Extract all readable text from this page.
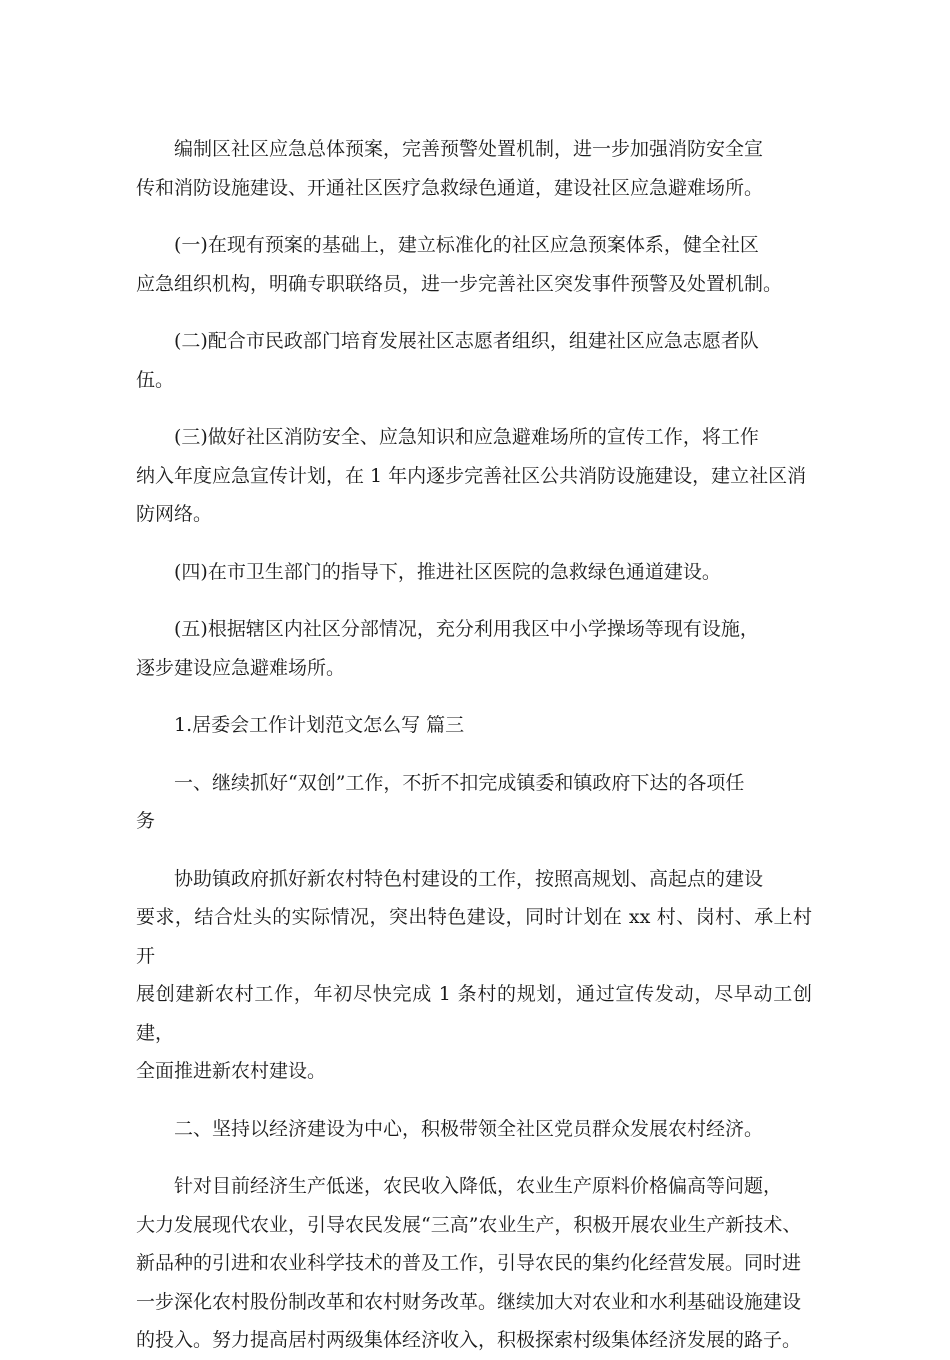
编制区社区应急总体预案，完善预警处置机制，进一步加强消防安全宣
传和消防设施建设、开通社区医疗急救绿色通道，建设社区应急避难场所。

(一)在现有预案的基础上，建立标准化的社区应急预案体系，健全社区
应急组织机构，明确专职联络员，进一步完善社区突发事件预警及处置机制。

(二)配合市民政部门培育发展社区志愿者组织，组建社区应急志愿者队
伍。

(三)做好社区消防安全、应急知识和应急避难场所的宣传工作，将工作
纳入年度应急宣传计划，在 1 年内逐步完善社区公共消防设施建设，建立社区消
防网络。

(四)在市卫生部门的指导下，推进社区医院的急救绿色通道建设。

(五)根据辖区内社区分部情况，充分利用我区中小学操场等现有设施，
逐步建设应急避难场所。

1.居委会工作计划范文怎么写 篇三

一、继续抓好“双创”工作，不折不扣完成镇委和镇政府下达的各项任
务

协助镇政府抓好新农村特色村建设的工作，按照高规划、高起点的建设
要求，结合灶头的实际情况，突出特色建设，同时计划在 xx 村、岗村、承上村开
展创建新农村工作，年初尽快完成 1 条村的规划，通过宣传发动，尽早动工创建，
全面推进新农村建设。

二、坚持以经济建设为中心，积极带领全社区党员群众发展农村经济。

针对目前经济生产低迷，农民收入降低，农业生产原料价格偏高等问题，
大力发展现代农业，引导农民发展“三高”农业生产，积极开展农业生产新技术、
新品种的引进和农业科学技术的普及工作，引导农民的集约化经营发展。同时进
一步深化农村股份制改革和农村财务改革。继续加大对农业和水利基础设施建设
的投入。努力提高居村两级集体经济收入，积极探索村级集体经济发展的路子。
